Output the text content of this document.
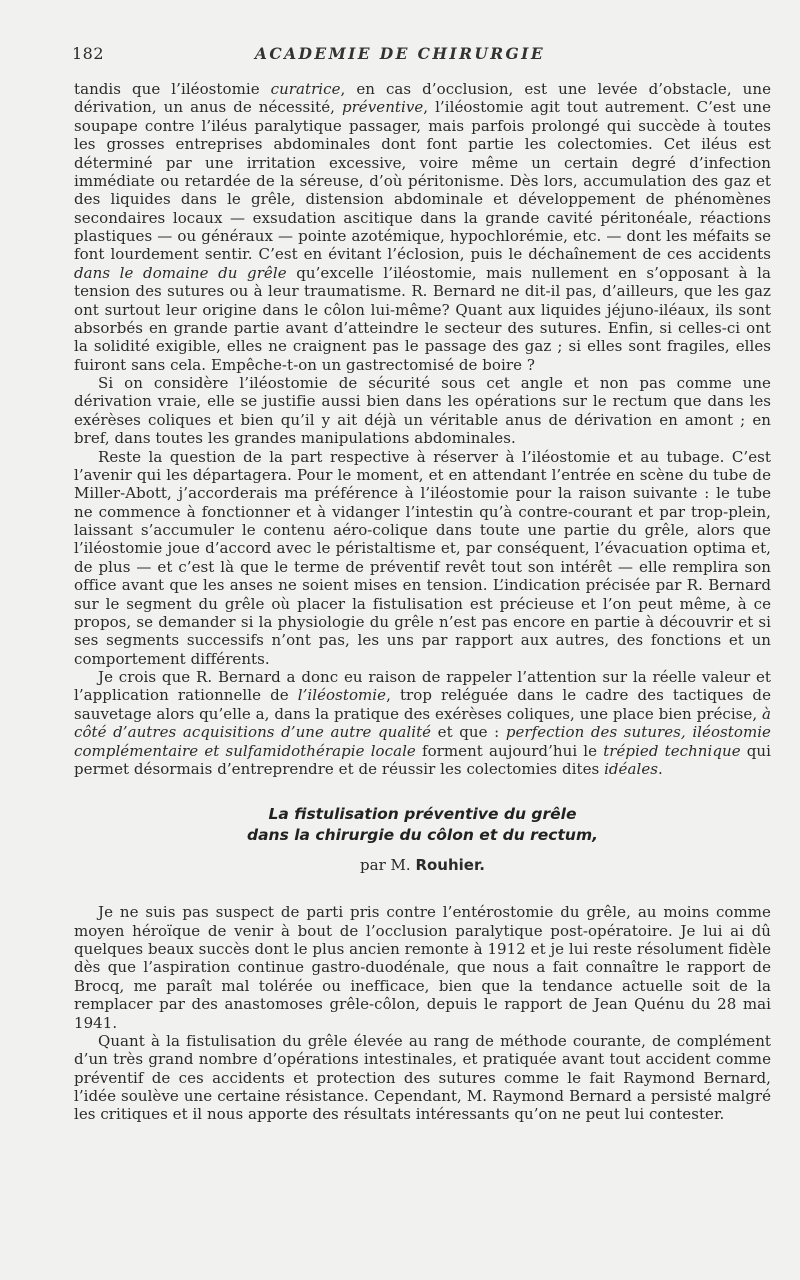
182	ACADEMIE DE CHIRURGIE

tandis que l’iléostomie curatrice, en cas d’occlusion, est une levée d’obstacle, une dérivation, un anus de nécessité, préventive, l’iléostomie agit tout autrement. C’est une soupape contre l’iléus paralytique passager, mais parfois prolongé qui succède à toutes les grosses entreprises abdominales dont font partie les colectomies. Cet iléus est déterminé par une irritation excessive, voire même un certain degré d’infection immédiate ou retardée de la séreuse, d’où péritonisme. Dès lors, accumulation des gaz et des liquides dans le grêle, distension abdominale et développement de phénomènes secondaires locaux — exsudation ascitique dans la grande cavité péritonéale, réactions plastiques — ou généraux — pointe azotémique, hypochlorémie, etc. — dont les méfaits se font lourdement sentir. C’est en évitant l’éclosion, puis le déchaînement de ces accidents dans le domaine du grêle qu’excelle l’iléostomie, mais nullement en s’opposant à la tension des sutures ou à leur traumatisme. R. Bernard ne dit-il pas, d’ailleurs, que les gaz ont surtout leur origine dans le côlon lui-même? Quant aux liquides jéjuno-iléaux, ils sont absorbés en grande partie avant d’atteindre le secteur des sutures. Enfin, si celles-ci ont la solidité exigible, elles ne craignent pas le passage des gaz ; si elles sont fragiles, elles fuiront sans cela. Empêche-t-on un gastrectomisé de boire ?

Si on considère l’iléostomie de sécurité sous cet angle et non pas comme une dérivation vraie, elle se justifie aussi bien dans les opérations sur le rectum que dans les exérèses coliques et bien qu’il y ait déjà un véritable anus de dérivation en amont ; en bref, dans toutes les grandes manipulations abdominales.

Reste la question de la part respective à réserver à l’iléostomie et au tubage. C’est l’avenir qui les départagera. Pour le moment, et en attendant l’entrée en scène du tube de Miller-Abott, j’accorderais ma préférence à l’iléostomie pour la raison suivante : le tube ne commence à fonctionner et à vidanger l’intestin qu’à contre-courant et par trop-plein, laissant s’accumuler le contenu aéro-colique dans toute une partie du grêle, alors que l’iléostomie joue d’accord avec le péristaltisme et, par conséquent, l’évacuation optima et, de plus — et c’est là que le terme de préventif revêt tout son intérêt — elle remplira son office avant que les anses ne soient mises en tension. L’indication précisée par R. Bernard sur le segment du grêle où placer la fistulisation est précieuse et l’on peut même, à ce propos, se demander si la physiologie du grêle n’est pas encore en partie à découvrir et si ses segments successifs n’ont pas, les uns par rapport aux autres, des fonctions et un comportement différents.

Je crois que R. Bernard a donc eu raison de rappeler l’attention sur la réelle valeur et l’application rationnelle de l’iléostomie, trop reléguée dans le cadre des tactiques de sauvetage alors qu’elle a, dans la pratique des exérèses coliques, une place bien précise, à côté d’autres acquisitions d’une autre qualité et que : perfection des sutures, iléostomie complémentaire et sulfamidothérapie locale forment aujourd’hui le trépied technique qui permet désormais d’entreprendre et de réussir les colectomies dites idéales.

La fistulisation préventive du grêle
dans la chirurgie du côlon et du rectum,
par M. Rouhier.

Je ne suis pas suspect de parti pris contre l’entérostomie du grêle, au moins comme moyen héroïque de venir à bout de l’occlusion paralytique post-opératoire. Je lui ai dû quelques beaux succès dont le plus ancien remonte à 1912 et je lui reste résolument fidèle dès que l’aspiration continue gastro-duodénale, que nous a fait connaître le rapport de Brocq, me paraît mal tolérée ou inefficace, bien que la tendance actuelle soit de la remplacer par des anastomoses grêle-côlon, depuis le rapport de Jean Quénu du 28 mai 1941.

Quant à la fistulisation du grêle élevée au rang de méthode courante, de complément d’un très grand nombre d’opérations intestinales, et pratiquée avant tout accident comme préventif de ces accidents et protection des sutures comme le fait Raymond Bernard, l’idée soulève une certaine résistance. Cependant, M. Raymond Bernard a persisté malgré les critiques et il nous apporte des résultats intéressants qu’on ne peut lui contester.
